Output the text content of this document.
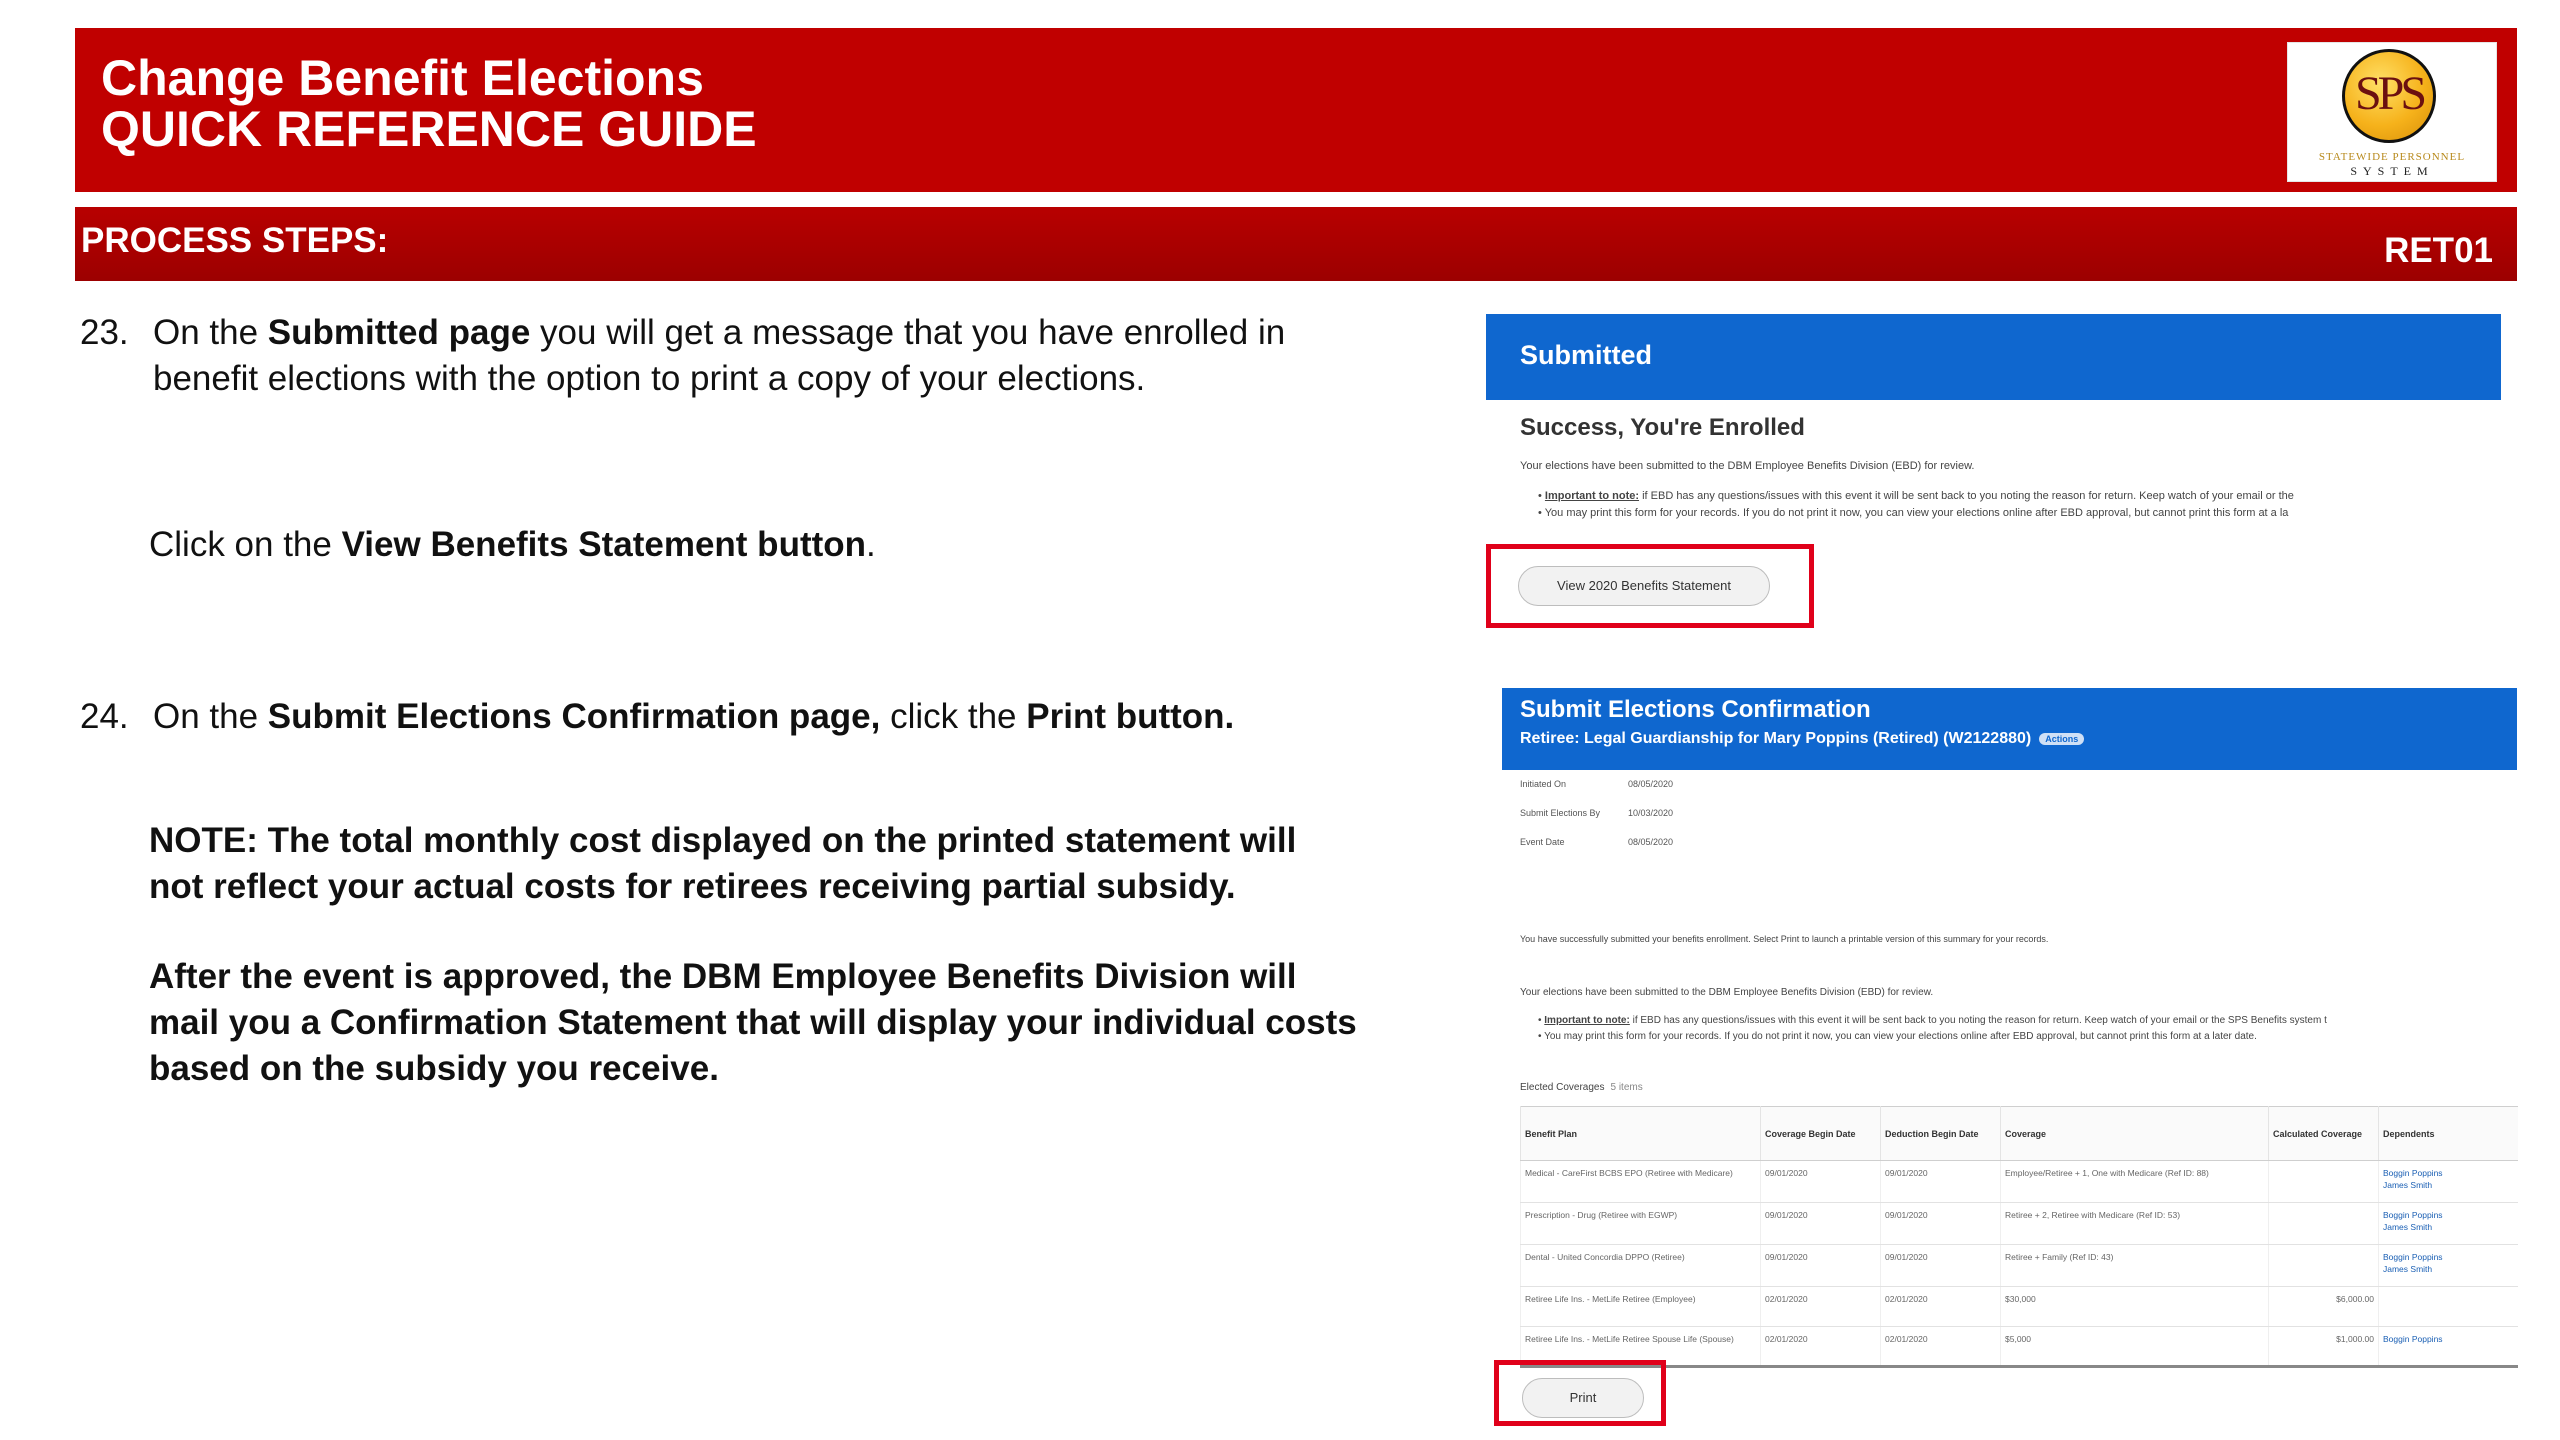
Change Benefit Elections
QUICK REFERENCE GUIDE
SPS
STATEWIDE PERSONNEL
SYSTEM
PROCESS STEPS:	RET01
23. On the Submitted page you will get a message that you have enrolled in
benefit elections with the option to print a copy of your elections.
Click on the View Benefits Statement button.
24. On the Submit Elections Confirmation page, click the Print button.
NOTE: The total monthly cost displayed on the printed statement will
not reflect your actual costs for retirees receiving partial subsidy.
After the event is approved, the DBM Employee Benefits Division will
mail you a Confirmation Statement that will display your individual costs
based on the subsidy you receive.
Submitted
Success, You're Enrolled
Your elections have been submitted to the DBM Employee Benefits Division (EBD) for review.
• Important to note: if EBD has any questions/issues with this event it will be sent back to you noting the reason for return. Keep watch of your email or the
• You may print this form for your records. If you do not print it now, you can view your elections online after EBD approval, but cannot print this form at a la
View 2020 Benefits Statement
Submit Elections Confirmation
Retiree: Legal Guardianship for Mary Poppins (Retired) (W2122880) Actions
Initiated On	08/05/2020
Submit Elections By	10/03/2020
Event Date	08/05/2020
You have successfully submitted your benefits enrollment. Select Print to launch a printable version of this summary for your records.
Your elections have been submitted to the DBM Employee Benefits Division (EBD) for review.
• Important to note: if EBD has any questions/issues with this event it will be sent back to you noting the reason for return. Keep watch of your email or the SPS Benefits system t
• You may print this form for your records. If you do not print it now, you can view your elections online after EBD approval, but cannot print this form at a later date.
Elected Coverages 5 items
Benefit Plan	Coverage Begin Date	Deduction Begin Date	Coverage	Calculated Coverage	Dependents
Medical - CareFirst BCBS EPO (Retiree with Medicare)	09/01/2020	09/01/2020	Employee/Retiree + 1, One with Medicare (Ref ID: 88)		Boggin Poppins
James Smith
Prescription - Drug (Retiree with EGWP)	09/01/2020	09/01/2020	Retiree + 2, Retiree with Medicare (Ref ID: 53)		Boggin Poppins
James Smith
Dental - United Concordia DPPO (Retiree)	09/01/2020	09/01/2020	Retiree + Family (Ref ID: 43)		Boggin Poppins
James Smith
Retiree Life Ins. - MetLife Retiree (Employee)	02/01/2020	02/01/2020	$30,000	$6,000.00	
Retiree Life Ins. - MetLife Retiree Spouse Life (Spouse)	02/01/2020	02/01/2020	$5,000	$1,000.00	Boggin Poppins
Print
